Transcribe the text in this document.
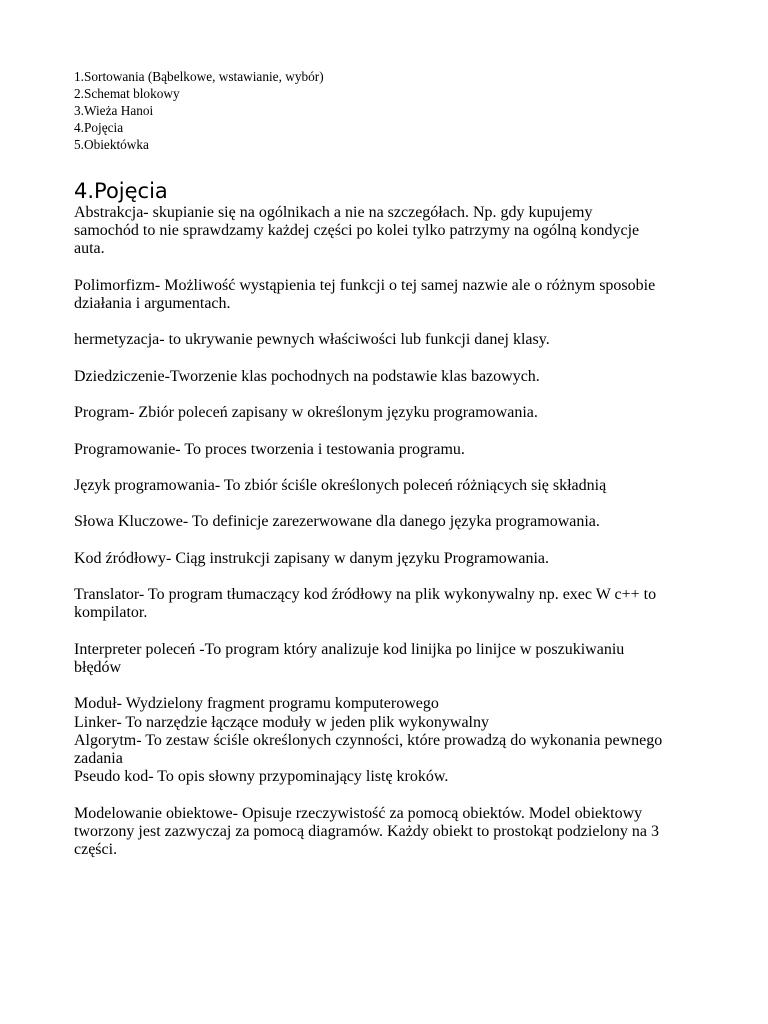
1.Sortowania (Bąbelkowe, wstawianie, wybór)
2.Schemat blokowy
3.Wieża Hanoi
4.Pojęcia
5.Obiektówka
4.Pojęcia

Abstrakcja- skupianie się na ogólnikach a nie na szczegółach. Np. gdy kupujemy
samochód to nie sprawdzamy każdej części po kolei tylko patrzymy na ogólną kondycje
auta.

Polimorfizm- Możliwość wystąpienia tej funkcji o tej samej nazwie ale o różnym sposobie
działania i argumentach.

hermetyzacja- to ukrywanie pewnych właściwości lub funkcji danej klasy.

Dziedziczenie-Tworzenie klas pochodnych na podstawie klas bazowych.

Program- Zbiór poleceń zapisany w określonym języku programowania.

Programowanie- To proces tworzenia i testowania programu.

Język programowania- To zbiór ściśle określonych poleceń różniących się składnią

Słowa Kluczowe- To definicje zarezerwowane dla danego języka programowania.

Kod źródłowy- Ciąg instrukcji zapisany w danym języku Programowania.

Translator- To program tłumaczący kod źródłowy na plik wykonywalny np. exec W c++ to
kompilator.

Interpreter poleceń -To program który analizuje kod linijka po linijce w poszukiwaniu
błędów

Moduł- Wydzielony fragment programu komputerowego
Linker- To narzędzie łączące moduły w jeden plik wykonywalny
Algorytm- To zestaw ściśle określonych czynności, które prowadzą do wykonania pewnego
zadania
Pseudo kod- To opis słowny przypominający listę kroków.

Modelowanie obiektowe- Opisuje rzeczywistość za pomocą obiektów. Model obiektowy
tworzony jest zazwyczaj za pomocą diagramów. Każdy obiekt to prostokąt podzielony na 3
części.
